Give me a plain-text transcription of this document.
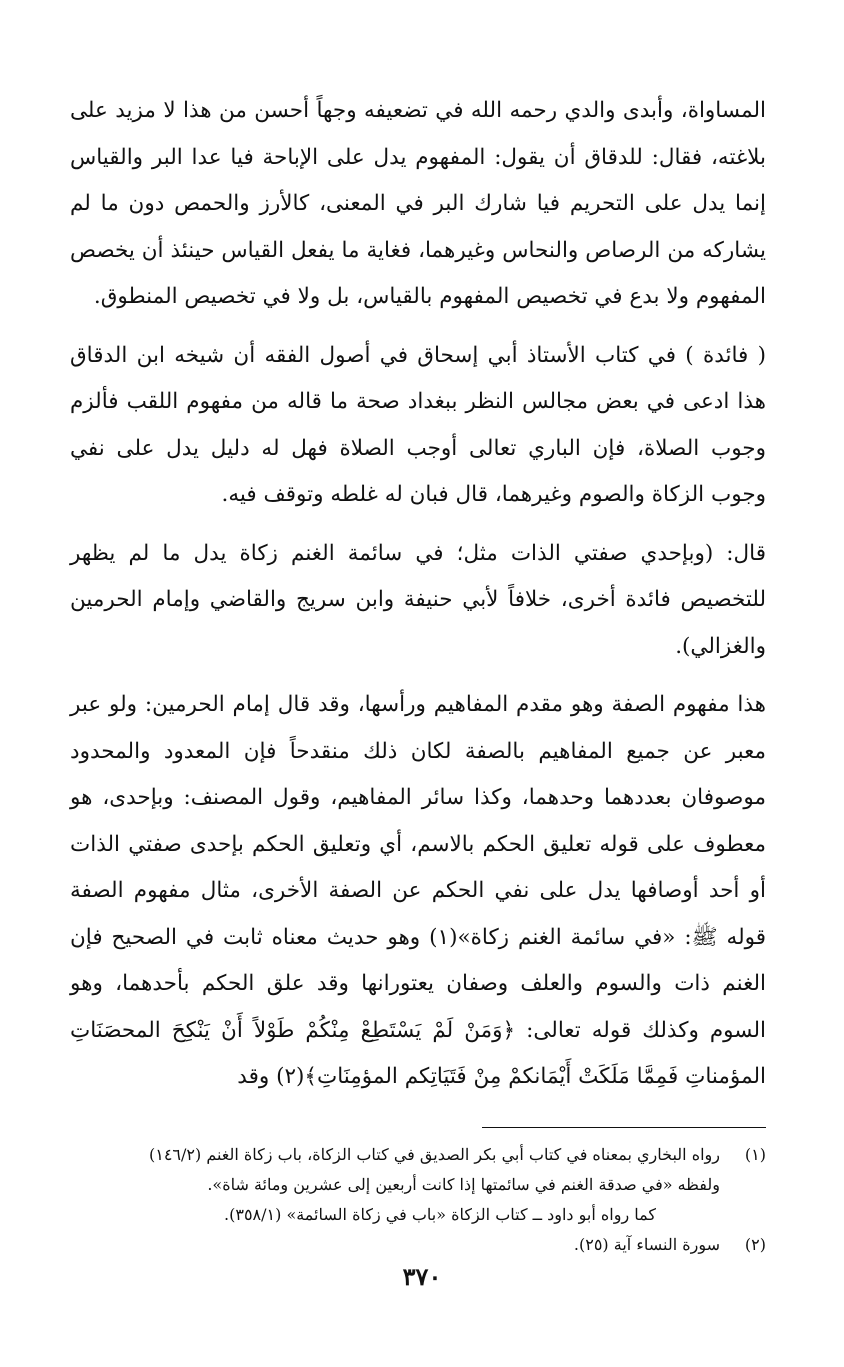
المساواة، وأبدى والدي رحمه الله في تضعيفه وجهاً أحسن من هذا لا مزيد على بلاغته، فقال: للدقاق أن يقول: المفهوم يدل على الإباحة فيا عدا البر والقياس إنما يدل على التحريم فيا شارك البر في المعنى، كالأرز والحمص دون ما لم يشاركه من الرصاص والنحاس وغيرهما، فغاية ما يفعل القياس حينئذ أن يخصص المفهوم ولا بدع في تخصيص المفهوم بالقياس، بل ولا في تخصيص المنطوق.

( فائدة ) في كتاب الأستاذ أبي إسحاق في أصول الفقه أن شيخه ابن الدقاق هذا ادعى في بعض مجالس النظر ببغداد صحة ما قاله من مفهوم اللقب فألزم وجوب الصلاة، فإن الباري تعالى أوجب الصلاة فهل له دليل يدل على نفي وجوب الزكاة والصوم وغيرهما، قال فبان له غلطه وتوقف فيه.

قال: (وبإحدي صفتي الذات مثل؛ في سائمة الغنم زكاة يدل ما لم يظهر للتخصيص فائدة أخرى، خلافاً لأبي حنيفة وابن سريج والقاضي وإمام الحرمين والغزالي).

هذا مفهوم الصفة وهو مقدم المفاهيم ورأسها، وقد قال إمام الحرمين: ولو عبر معبر عن جميع المفاهيم بالصفة لكان ذلك منقدحاً فإن المعدود والمحدود موصوفان بعددهما وحدهما، وكذا سائر المفاهيم، وقول المصنف: وبإحدى، هو معطوف على قوله تعليق الحكم بالاسم، أي وتعليق الحكم بإحدى صفتي الذات أو أحد أوصافها يدل على نفي الحكم عن الصفة الأخرى، مثال مفهوم الصفة قوله ﷺ: «في سائمة الغنم زكاة»(١) وهو حديث معناه ثابت في الصحيح فإن الغنم ذات والسوم والعلف وصفان يعتورانها وقد علق الحكم بأحدهما، وهو السوم وكذلك قوله تعالى: ﴿وَمَنْ لَمْ يَسْتَطِعْ مِنْكُمْ طَوْلاً أَنْ يَنْكِحَ المحصَنَاتِ المؤمناتِ فَمِمَّا مَلَكَتْ أَيْمَانكمْ مِنْ فَتَيَاتِكم المؤمِنَاتِ﴾(٢) وقد

(١)
رواه البخاري بمعناه في كتاب أبي بكر الصديق في كتاب الزكاة، باب زكاة الغنم (١٤٦/٢)
ولفظه «في صدقة الغنم في سائمتها إذا كانت أربعين إلى عشرين ومائة شاة».
كما رواه أبو داود ــ كتاب الزكاة «باب في زكاة السائمة» (٣٥٨/١).
(٢)
سورة النساء آية (٢٥).
٣٧٠
